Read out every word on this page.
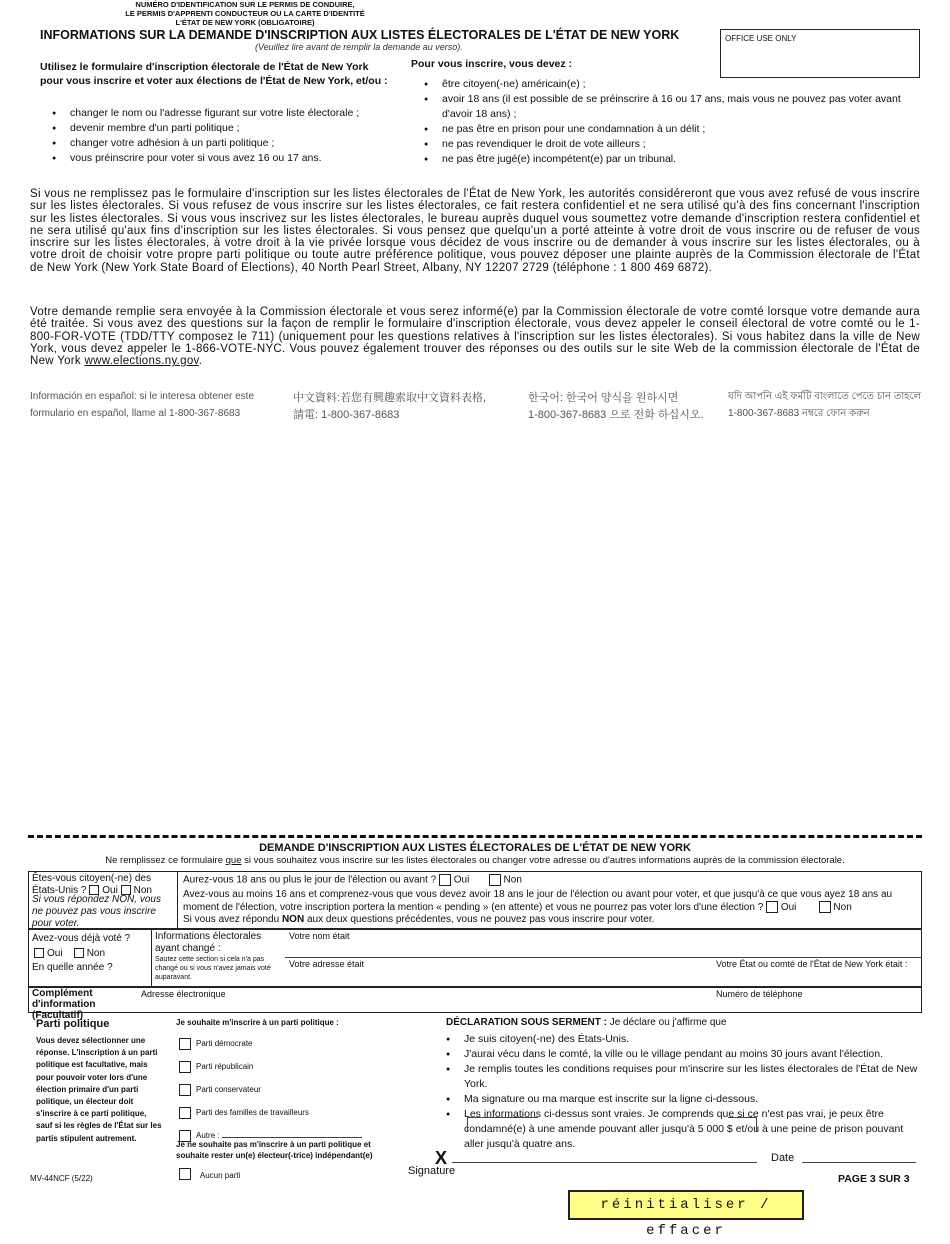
NUMÉRO D'IDENTIFICATION SUR LE PERMIS DE CONDUIRE,
LE PERMIS D'APPRENTI CONDUCTEUR OU LA CARTE D'IDENTITÉ
L'ÉTAT DE NEW YORK (OBLIGATOIRE)
INFORMATIONS SUR LA DEMANDE D'INSCRIPTION AUX LISTES ÉLECTORALES DE L'ÉTAT DE NEW YORK
(Veuillez lire avant de remplir la demande au verso).
OFFICE USE ONLY
Utilisez le formulaire d'inscription électorale de l'État de New York pour vous inscrire et voter aux élections de l'État de New York, et/ou :
● changer le nom ou l'adresse figurant sur votre liste électorale ;
● devenir membre d'un parti politique ;
● changer votre adhésion à un parti politique ;
● vous préinscrire pour voter si vous avez 16 ou 17 ans.
Pour vous inscrire, vous devez :
● être citoyen(-ne) américain(e) ;
● avoir 18 ans (il est possible de se préinscrire à 16 ou 17 ans, mais vous ne pouvez pas voter avant d'avoir 18 ans) ;
● ne pas être en prison pour une condamnation à un délit ;
● ne pas revendiquer le droit de vote ailleurs ;
● ne pas être jugé(e) incompétent(e) par un tribunal.
Si vous ne remplissez pas le formulaire d'inscription sur les listes électorales de l'État de New York, les autorités considéreront que vous avez refusé de vous inscrire sur les listes électorales. Si vous refusez de vous inscrire sur les listes électorales, ce fait restera confidentiel et ne sera utilisé qu'à des fins concernant l'inscription sur les listes électorales. Si vous vous inscrivez sur les listes électorales, le bureau auprès duquel vous soumettez votre demande d'inscription restera confidentiel et ne sera utilisé qu'aux fins d'inscription sur les listes électorales. Si vous pensez que quelqu'un a porté atteinte à votre droit de vous inscrire ou de refuser de vous inscrire sur les listes électorales, à votre droit à la vie privée lorsque vous décidez de vous inscrire ou de demander à vous inscrire sur les listes électorales, ou à votre droit de choisir votre propre parti politique ou toute autre préférence politique, vous pouvez déposer une plainte auprès de la Commission électorale de l'État de New York (New York State Board of Elections), 40 North Pearl Street, Albany, NY 12207 2729 (téléphone : 1 800 469 6872).
Votre demande remplie sera envoyée à la Commission électorale et vous serez informé(e) par la Commission électorale de votre comté lorsque votre demande aura été traitée. Si vous avez des questions sur la façon de remplir le formulaire d'inscription électorale, vous devez appeler le conseil électoral de votre comté ou le 1-800-FOR-VOTE (TDD/TTY composez le 711) (uniquement pour les questions relatives à l'inscription sur les listes électorales). Si vous habitez dans la ville de New York, vous devez appeler le 1-866-VOTE-NYC. Vous pouvez également trouver des réponses ou des outils sur le site Web de la commission électorale de l'État de New York www.elections.ny.gov.
Información en español: si le interesa obtener este
formulario en español, llame al 1-800-367-8683
中文資料:若您有興趣索取中文資料表格,
請電: 1-800-367-8683
한국어: 한국어 양식을 원하시면
1-800-367-8683 으로 전화 하십시오.
যদি আপনি এই ফর্মটি বাংলাতে পেতে চান তাহলে
1-800-367-8683 নম্বরে ফোন করুন
DEMANDE D'INSCRIPTION AUX LISTES ÉLECTORALES DE L'ÉTAT DE NEW YORK
Ne remplissez ce formulaire que si vous souhaitez vous inscrire sur les listes électorales ou changer votre adresse ou d'autres informations auprès de la commission électorale.
Êtes-vous citoyen(-ne) des États-Unis ? Oui Non
Si vous répondez NON, vous ne pouvez pas vous inscrire pour voter.
Aurez-vous 18 ans ou plus le jour de l'élection ou avant ? Oui	Non
Avez-vous au moins 16 ans et comprenez-vous que vous devez avoir 18 ans le jour de l'élection ou avant pour voter, et que jusqu'à ce que vous ayez 18 ans au moment de l'élection, votre inscription portera la mention « pending » (en attente) et vous ne pourrez pas voter lors d'une élection ? Oui	Non
Si vous avez répondu NON aux deux questions précédentes, vous ne pouvez pas vous inscrire pour voter.
Avez-vous déjà voté ?
Oui Non
En quelle année ?
Informations électorales ayant changé :
Sautez cette section si cela n'a pas changé ou si vous n'avez jamais voté auparavant.
Votre nom était
Votre adresse était	Votre État ou comté de l'État de New York était :
Complément d'information (Facultatif)
Adresse électronique	Numéro de téléphone
Parti politique
Vous devez sélectionner une réponse. L'inscription à un parti politique est facultative, mais pour pouvoir voter lors d'une élection primaire d'un parti politique, un électeur doit s'inscrire à ce parti politique, sauf si les règles de l'État sur les partis stipulent autrement.
Je souhaite m'inscrire à un parti politique :
Parti démocrate
Parti républicain
Parti conservateur
Parti des familles de travailleurs
Autre :
Je ne souhaite pas m'inscrire à un parti politique et souhaite rester un(e) électeur(-trice) indépendant(e)
Aucun parti
DÉCLARATION SOUS SERMENT : Je déclare ou j'affirme que
● Je suis citoyen(-ne) des États-Unis.
● J'aurai vécu dans le comté, la ville ou le village pendant au moins 30 jours avant l'élection.
● Je remplis toutes les conditions requises pour m'inscrire sur les listes électorales de l'État de New York.
● Ma signature ou ma marque est inscrite sur la ligne ci-dessous.
● Les informations ci-dessus sont vraies. Je comprends que si ce n'est pas vrai, je peux être condamné(e) à une amende pouvant aller jusqu'à 5 000 $ et/ou à une peine de prison pouvant aller jusqu'à quatre ans.
X
Signature
Date
PAGE 3 SUR 3
MV-44NCF (5/22)
réinitialiser / effacer
